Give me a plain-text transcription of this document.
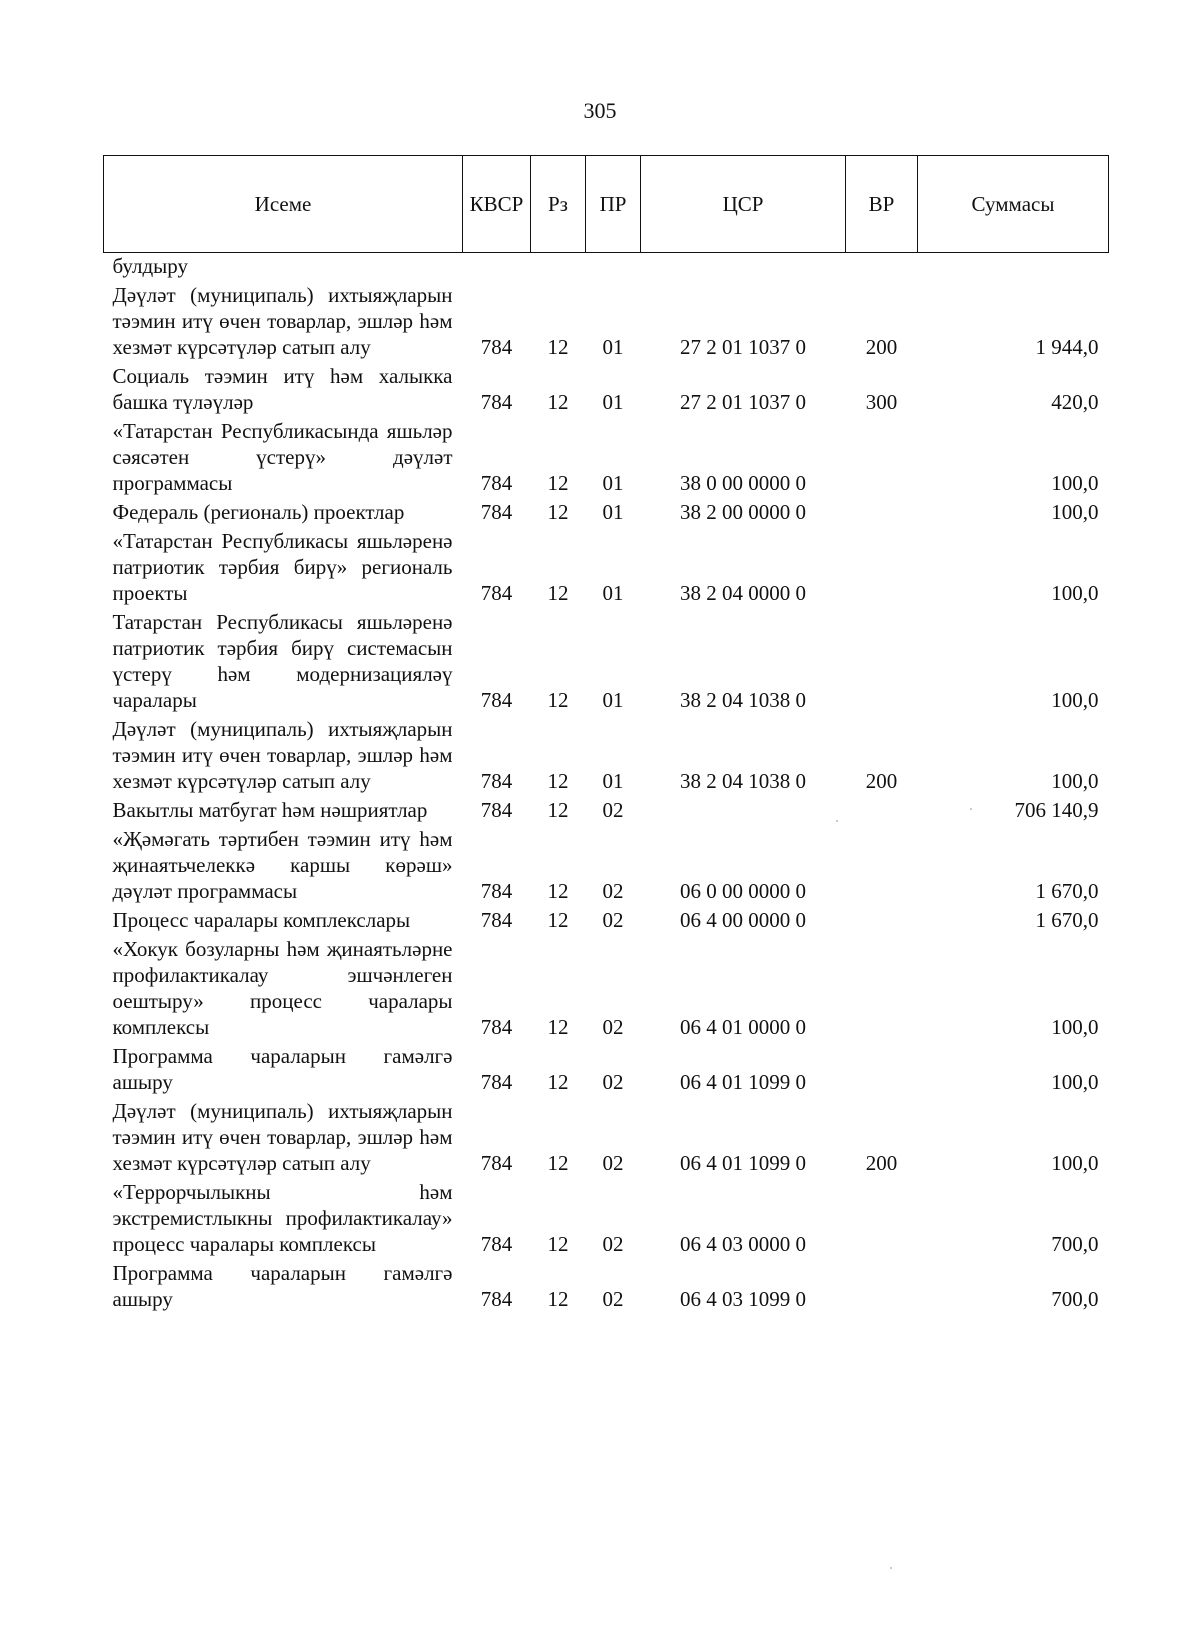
305
Исеме	КВСР	Рз	ПР	ЦСР	ВР	Суммасы
булдыру						
Дәүләт (муниципаль) ихтыяҗларын тәэмин итү өчен товарлар, эшләр һәм хезмәт күрсәтүләр сатып алу	784	12	01	27 2 01 1037 0	200	1 944,0
Социаль тәэмин итү һәм халыкка башка түләүләр	784	12	01	27 2 01 1037 0	300	420,0
«Татарстан Республикасында яшьләр сәясәтен үстерү» дәүләт программасы	784	12	01	38 0 00 0000 0		100,0
Федераль (региональ) проектлар	784	12	01	38 2 00 0000 0		100,0
«Татарстан Республикасы яшьләренә патриотик тәрбия бирү» региональ проекты	784	12	01	38 2 04 0000 0		100,0
Татарстан Республикасы яшьләренә патриотик тәрбия бирү системасын үстерү һәм модернизацияләү чаралары	784	12	01	38 2 04 1038 0		100,0
Дәүләт (муниципаль) ихтыяҗларын тәэмин итү өчен товарлар, эшләр һәм хезмәт күрсәтүләр сатып алу	784	12	01	38 2 04 1038 0	200	100,0
Вакытлы матбугат һәм нәшриятлар	784	12	02			706 140,9
«Җәмәгать тәртибен тәэмин итү һәм җинаятьчелеккә каршы көрәш» дәүләт программасы	784	12	02	06 0 00 0000 0		1 670,0
Процесс чаралары комплекслары	784	12	02	06 4 00 0000 0		1 670,0
«Хокук бозуларны һәм җинаятьләрне профилактикалау эшчәнлеген оештыру» процесс чаралары комплексы	784	12	02	06 4 01 0000 0		100,0
Программа чараларын гамәлгә ашыру	784	12	02	06 4 01 1099 0		100,0
Дәүләт (муниципаль) ихтыяҗларын тәэмин итү өчен товарлар, эшләр һәм хезмәт күрсәтүләр сатып алу	784	12	02	06 4 01 1099 0	200	100,0
«Террорчылыкны һәм экстремистлыкны профилактикалау» процесс чаралары комплексы	784	12	02	06 4 03 0000 0		700,0
Программа чараларын гамәлгә ашыру	784	12	02	06 4 03 1099 0		700,0
